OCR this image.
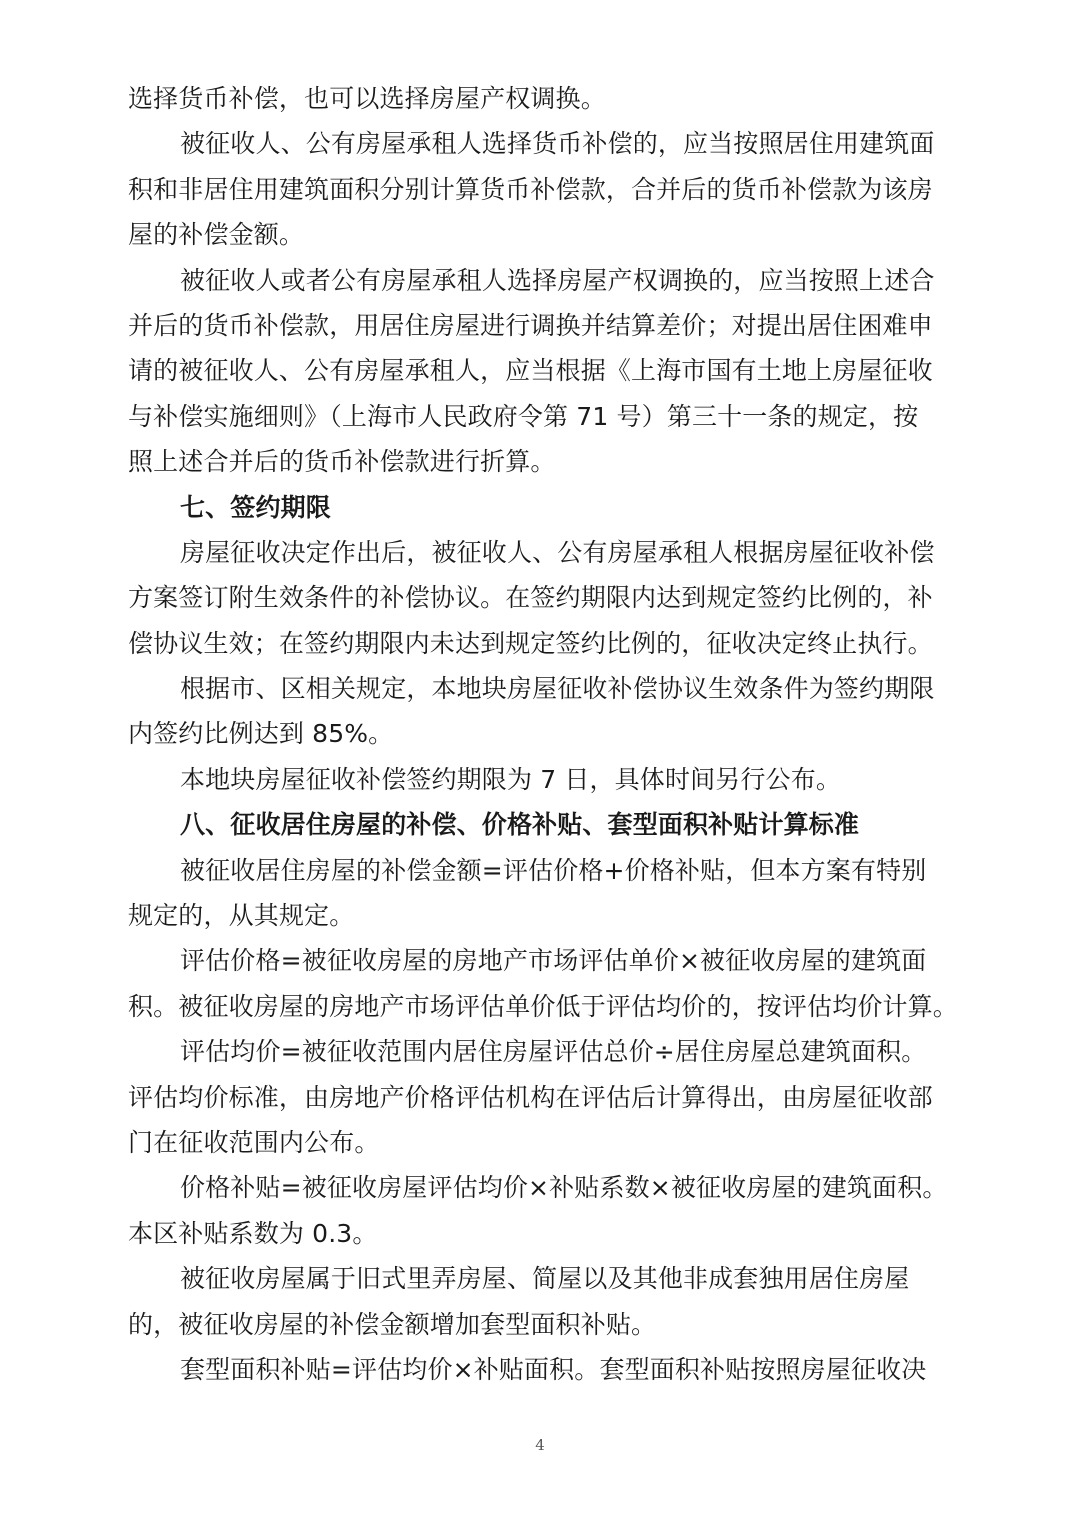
选择货币补偿，也可以选择房屋产权调换。
被征收人、公有房屋承租人选择货币补偿的，应当按照居住用建筑面
积和非居住用建筑面积分别计算货币补偿款，合并后的货币补偿款为该房
屋的补偿金额。
被征收人或者公有房屋承租人选择房屋产权调换的，应当按照上述合
并后的货币补偿款，用居住房屋进行调换并结算差价；对提出居住困难申
请的被征收人、公有房屋承租人，应当根据《上海市国有土地上房屋征收
与补偿实施细则》（上海市人民政府令第 71 号）第三十一条的规定，按
照上述合并后的货币补偿款进行折算。
七、签约期限
房屋征收决定作出后，被征收人、公有房屋承租人根据房屋征收补偿
方案签订附生效条件的补偿协议。在签约期限内达到规定签约比例的，补
偿协议生效；在签约期限内未达到规定签约比例的，征收决定终止执行。
根据市、区相关规定，本地块房屋征收补偿协议生效条件为签约期限
内签约比例达到 85%。
本地块房屋征收补偿签约期限为 7 日，具体时间另行公布。
八、征收居住房屋的补偿、价格补贴、套型面积补贴计算标准
被征收居住房屋的补偿金额=评估价格+价格补贴，但本方案有特别
规定的，从其规定。
评估价格=被征收房屋的房地产市场评估单价×被征收房屋的建筑面
积。被征收房屋的房地产市场评估单价低于评估均价的，按评估均价计算。
评估均价=被征收范围内居住房屋评估总价÷居住房屋总建筑面积。
评估均价标准，由房地产价格评估机构在评估后计算得出，由房屋征收部
门在征收范围内公布。
价格补贴=被征收房屋评估均价×补贴系数×被征收房屋的建筑面积。
本区补贴系数为 0.3。
被征收房屋属于旧式里弄房屋、简屋以及其他非成套独用居住房屋
的，被征收房屋的补偿金额增加套型面积补贴。
套型面积补贴=评估均价×补贴面积。套型面积补贴按照房屋征收决
4
